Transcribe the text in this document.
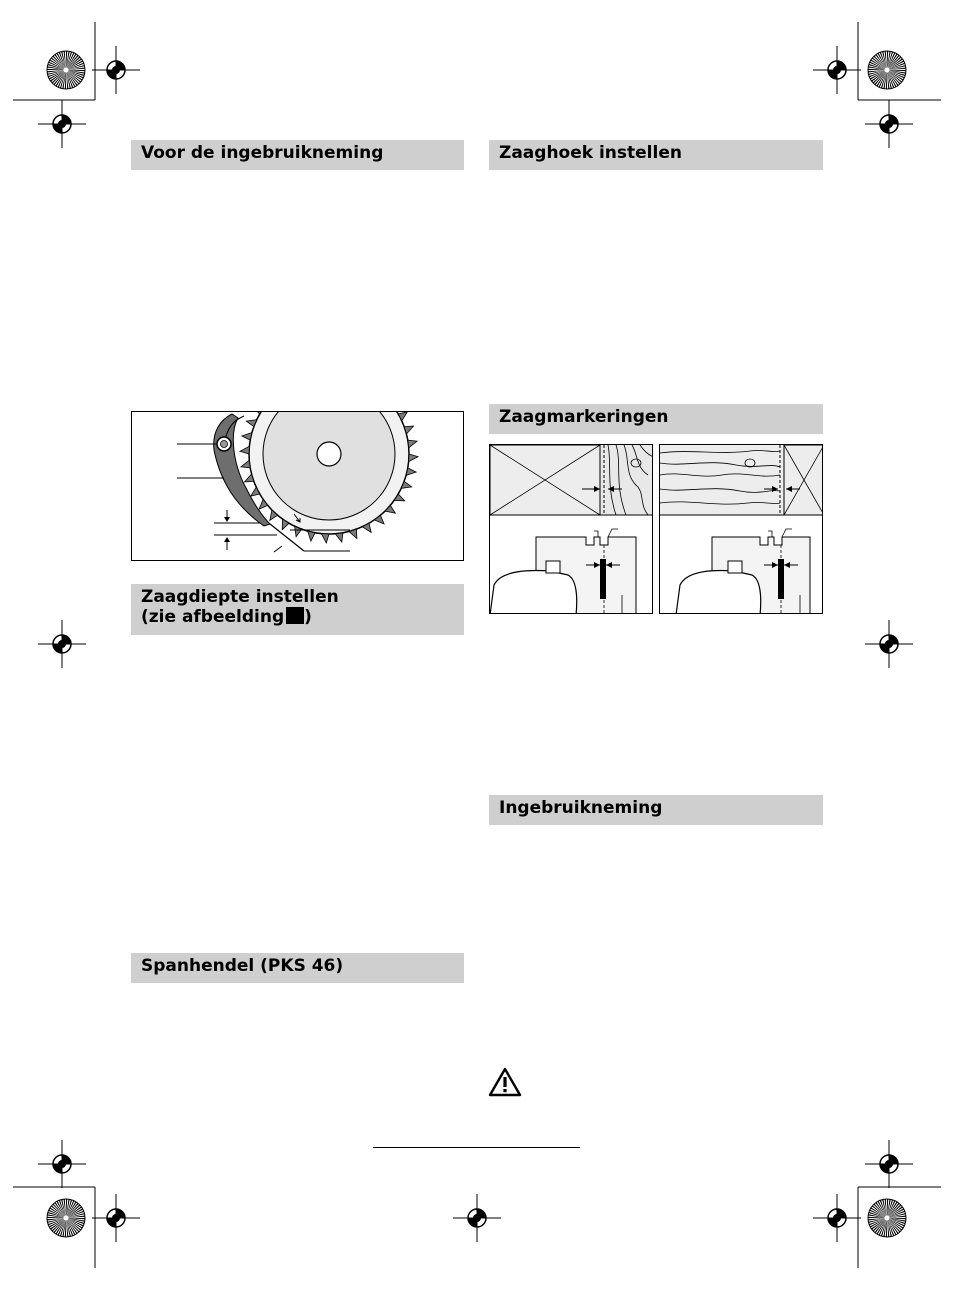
Voor de ingebruikneming	Zaaghoek instellen
Zaagmarkeringen
Zaagdiepte instellen
(zie afbeelding )
Ingebruikneming
Spanhendel (PKS 46)
